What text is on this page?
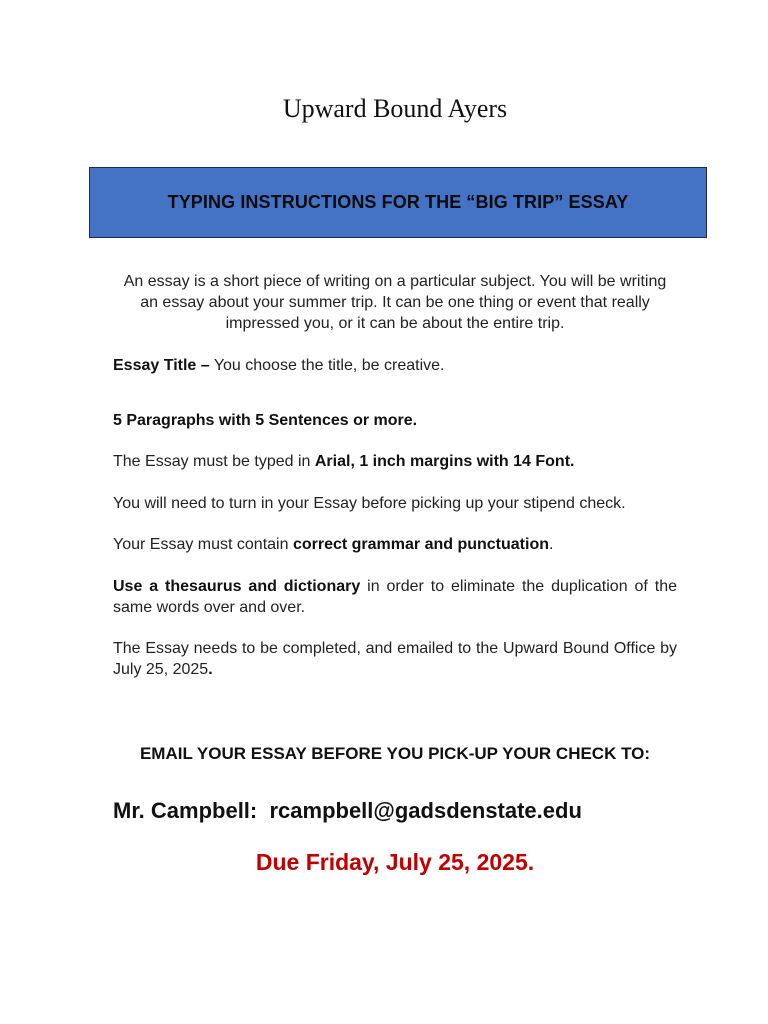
Upward Bound Ayers
TYPING INSTRUCTIONS FOR THE “BIG TRIP” ESSAY
An essay is a short piece of writing on a particular subject. You will be writing an essay about your summer trip. It can be one thing or event that really impressed you, or it can be about the entire trip.
Essay Title – You choose the title, be creative.
5 Paragraphs with 5 Sentences or more.
The Essay must be typed in Arial, 1 inch margins with 14 Font.
You will need to turn in your Essay before picking up your stipend check.
Your Essay must contain correct grammar and punctuation.
Use a thesaurus and dictionary in order to eliminate the duplication of the same words over and over.
The Essay needs to be completed, and emailed to the Upward Bound Office by July 25, 2025.
EMAIL YOUR ESSAY BEFORE YOU PICK-UP YOUR CHECK TO:
Mr. Campbell:  rcampbell@gadsdenstate.edu
Due Friday, July 25, 2025.
